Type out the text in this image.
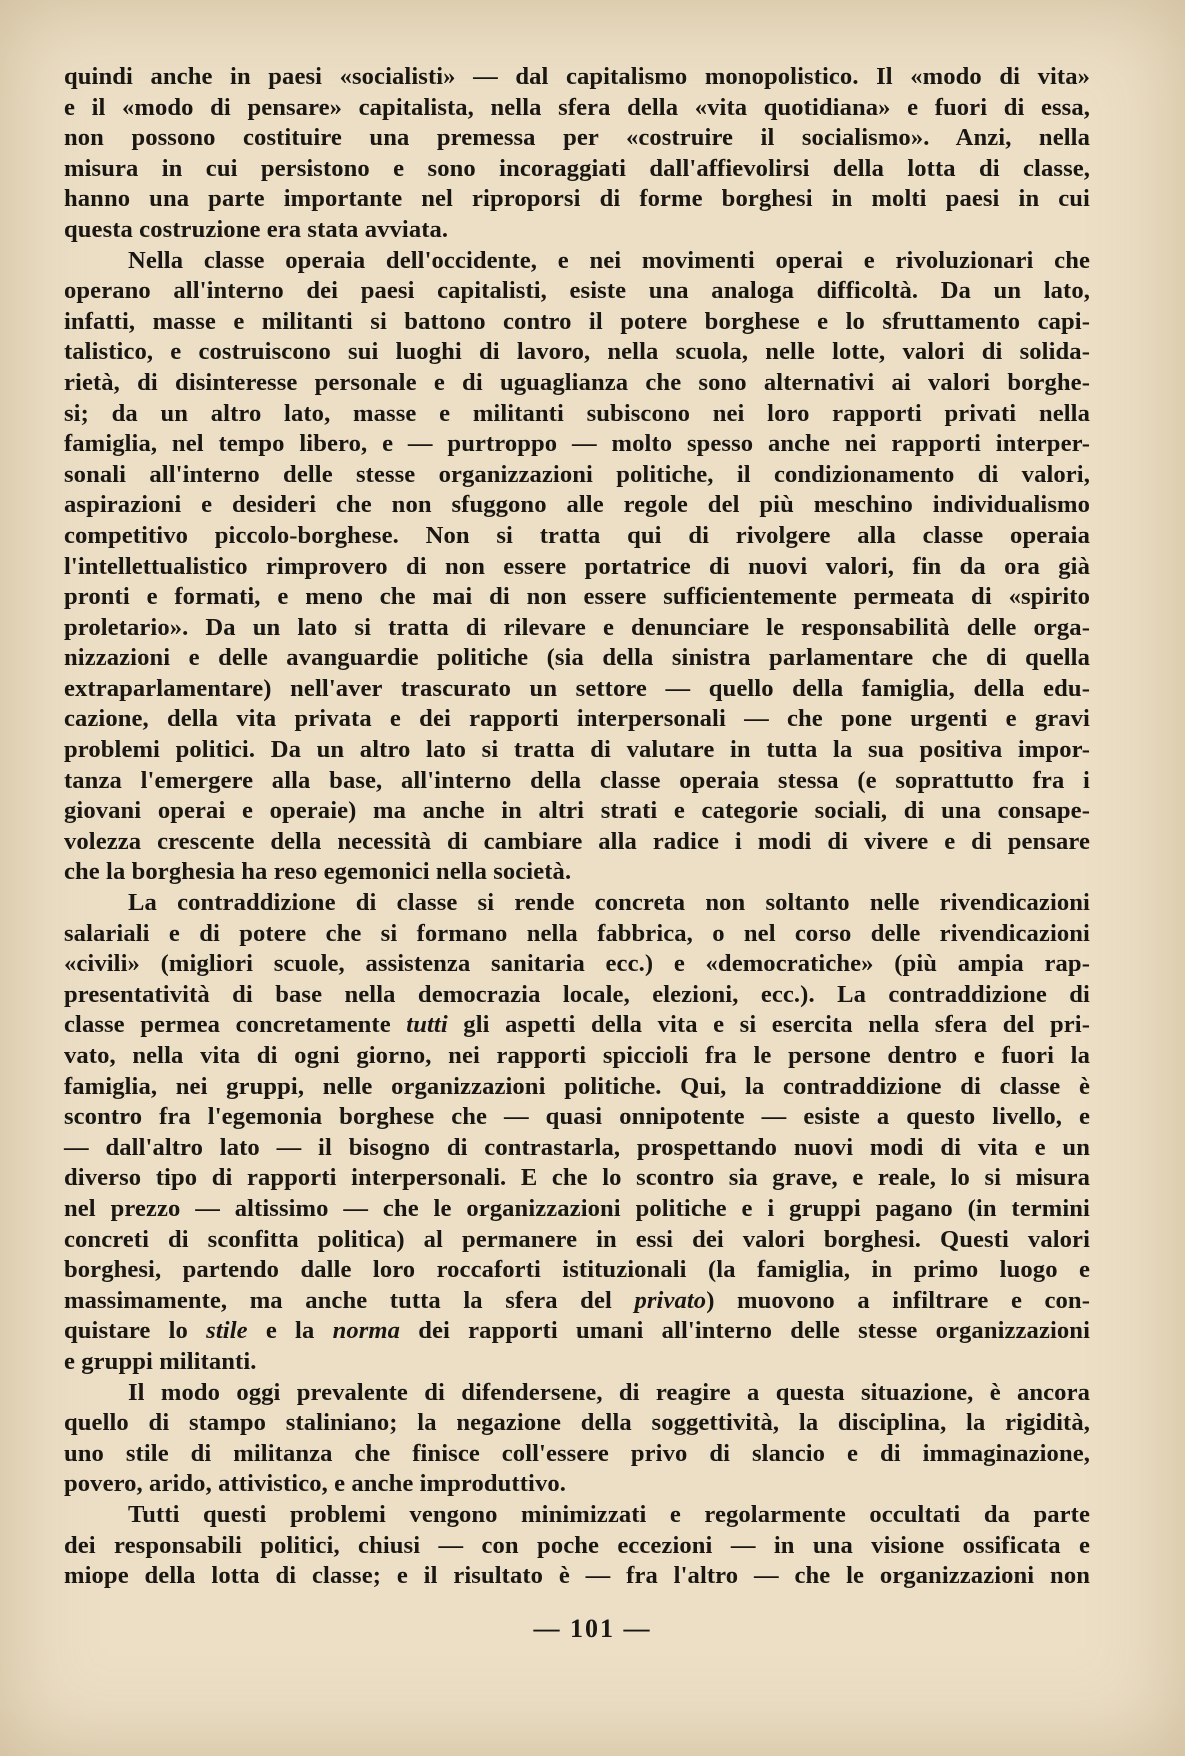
quindi anche in paesi «socialisti» — dal capitalismo monopolistico. Il «modo di vita»
e il «modo di pensare» capitalista, nella sfera della «vita quotidiana» e fuori di essa,
non possono costituire una premessa per «costruire il socialismo». Anzi, nella
misura in cui persistono e sono incoraggiati dall'affievolirsi della lotta di classe,
hanno una parte importante nel riproporsi di forme borghesi in molti paesi in cui
questa costruzione era stata avviata.
Nella classe operaia dell'occidente, e nei movimenti operai e rivoluzionari che
operano all'interno dei paesi capitalisti, esiste una analoga difficoltà. Da un lato,
infatti, masse e militanti si battono contro il potere borghese e lo sfruttamento capi-
talistico, e costruiscono sui luoghi di lavoro, nella scuola, nelle lotte, valori di solida-
rietà, di disinteresse personale e di uguaglianza che sono alternativi ai valori borghe-
si; da un altro lato, masse e militanti subiscono nei loro rapporti privati nella
famiglia, nel tempo libero, e — purtroppo — molto spesso anche nei rapporti interper-
sonali all'interno delle stesse organizzazioni politiche, il condizionamento di valori,
aspirazioni e desideri che non sfuggono alle regole del più meschino individualismo
competitivo piccolo-borghese. Non si tratta qui di rivolgere alla classe operaia
l'intellettualistico rimprovero di non essere portatrice di nuovi valori, fin da ora già
pronti e formati, e meno che mai di non essere sufficientemente permeata di «spirito
proletario». Da un lato si tratta di rilevare e denunciare le responsabilità delle orga-
nizzazioni e delle avanguardie politiche (sia della sinistra parlamentare che di quella
extraparlamentare) nell'aver trascurato un settore — quello della famiglia, della edu-
cazione, della vita privata e dei rapporti interpersonali — che pone urgenti e gravi
problemi politici. Da un altro lato si tratta di valutare in tutta la sua positiva impor-
tanza l'emergere alla base, all'interno della classe operaia stessa (e soprattutto fra i
giovani operai e operaie) ma anche in altri strati e categorie sociali, di una consape-
volezza crescente della necessità di cambiare alla radice i modi di vivere e di pensare
che la borghesia ha reso egemonici nella società.
La contraddizione di classe si rende concreta non soltanto nelle rivendicazioni
salariali e di potere che si formano nella fabbrica, o nel corso delle rivendicazioni
«civili» (migliori scuole, assistenza sanitaria ecc.) e «democratiche» (più ampia rap-
presentatività di base nella democrazia locale, elezioni, ecc.). La contraddizione di
classe permea concretamente tutti gli aspetti della vita e si esercita nella sfera del pri-
vato, nella vita di ogni giorno, nei rapporti spiccioli fra le persone dentro e fuori la
famiglia, nei gruppi, nelle organizzazioni politiche. Qui, la contraddizione di classe è
scontro fra l'egemonia borghese che — quasi onnipotente — esiste a questo livello, e
— dall'altro lato — il bisogno di contrastarla, prospettando nuovi modi di vita e un
diverso tipo di rapporti interpersonali. E che lo scontro sia grave, e reale, lo si misura
nel prezzo — altissimo — che le organizzazioni politiche e i gruppi pagano (in termini
concreti di sconfitta politica) al permanere in essi dei valori borghesi. Questi valori
borghesi, partendo dalle loro roccaforti istituzionali (la famiglia, in primo luogo e
massimamente, ma anche tutta la sfera del privato) muovono a infiltrare e con-
quistare lo stile e la norma dei rapporti umani all'interno delle stesse organizzazioni
e gruppi militanti.
Il modo oggi prevalente di difendersene, di reagire a questa situazione, è ancora
quello di stampo staliniano; la negazione della soggettività, la disciplina, la rigidità,
uno stile di militanza che finisce coll'essere privo di slancio e di immaginazione,
povero, arido, attivistico, e anche improduttivo.
Tutti questi problemi vengono minimizzati e regolarmente occultati da parte
dei responsabili politici, chiusi — con poche eccezioni — in una visione ossificata e
miope della lotta di classe; e il risultato è — fra l'altro — che le organizzazioni non
— 101 —
